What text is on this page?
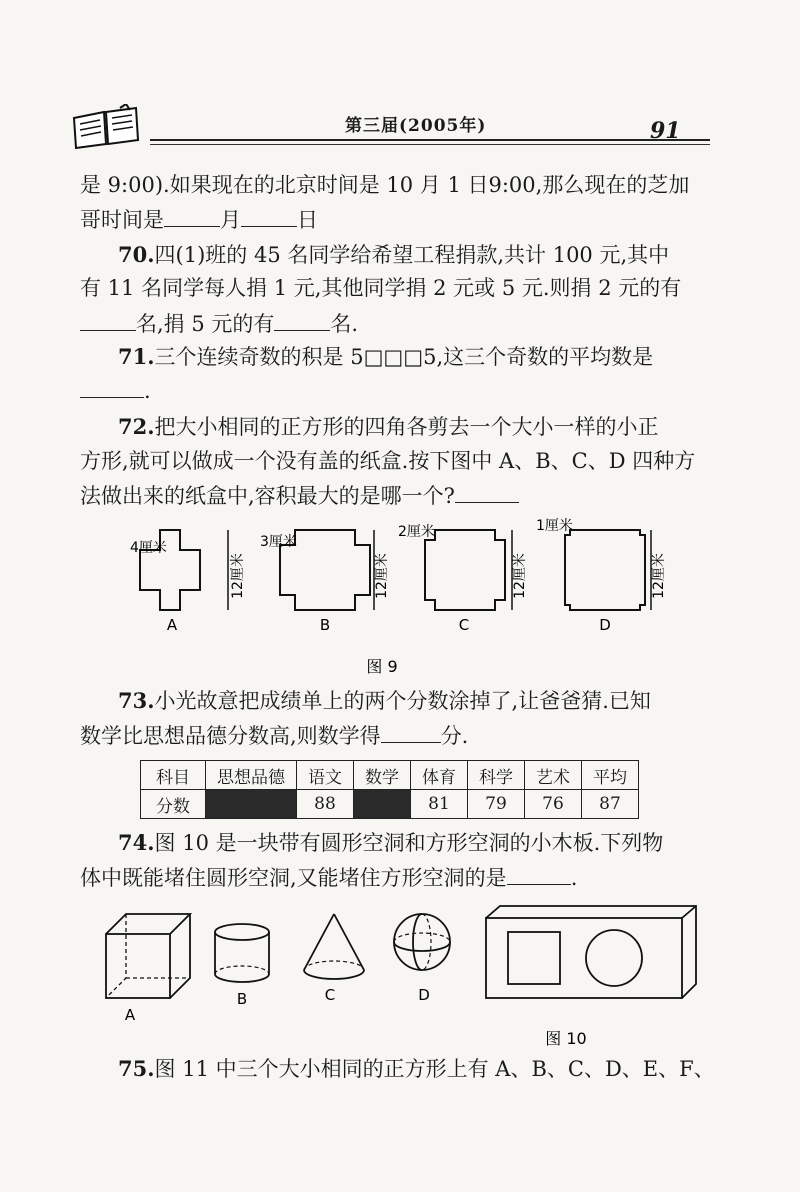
第三届(2005年)	91
是 9:00).如果现在的北京时间是 10 月 1 日9:00,那么现在的芝加
哥时间是	月	日
70.四(1)班的 45 名同学给希望工程捐款,共计 100 元,其中
有 11 名同学每人捐 1 元,其他同学捐 2 元或 5 元.则捐 2 元的有
名,捐 5 元的有	名.
71.三个连续奇数的积是 5□□□5,这三个奇数的平均数是
.
72.把大小相同的正方形的四角各剪去一个大小一样的小正
方形,就可以做成一个没有盖的纸盒.按下图中 A、B、C、D 四种方
法做出来的纸盒中,容积最大的是哪一个?
4厘米
12厘米
A
3厘米
12厘米
B
2厘米
12厘米
C
1厘米
12厘米
D
图 9
73.小光故意把成绩单上的两个分数涂掉了,让爸爸猜.已知
数学比思想品德分数高,则数学得	分.
科目	思想品德	语文	数学	体育	科学	艺术	平均
分数		88		81	79	76	87
74.图 10 是一块带有圆形空洞和方形空洞的小木板.下列物
体中既能堵住圆形空洞,又能堵住方形空洞的是	.
A
B	C	D
图 10
75.图 11 中三个大小相同的正方形上有 A、B、C、D、E、F、
